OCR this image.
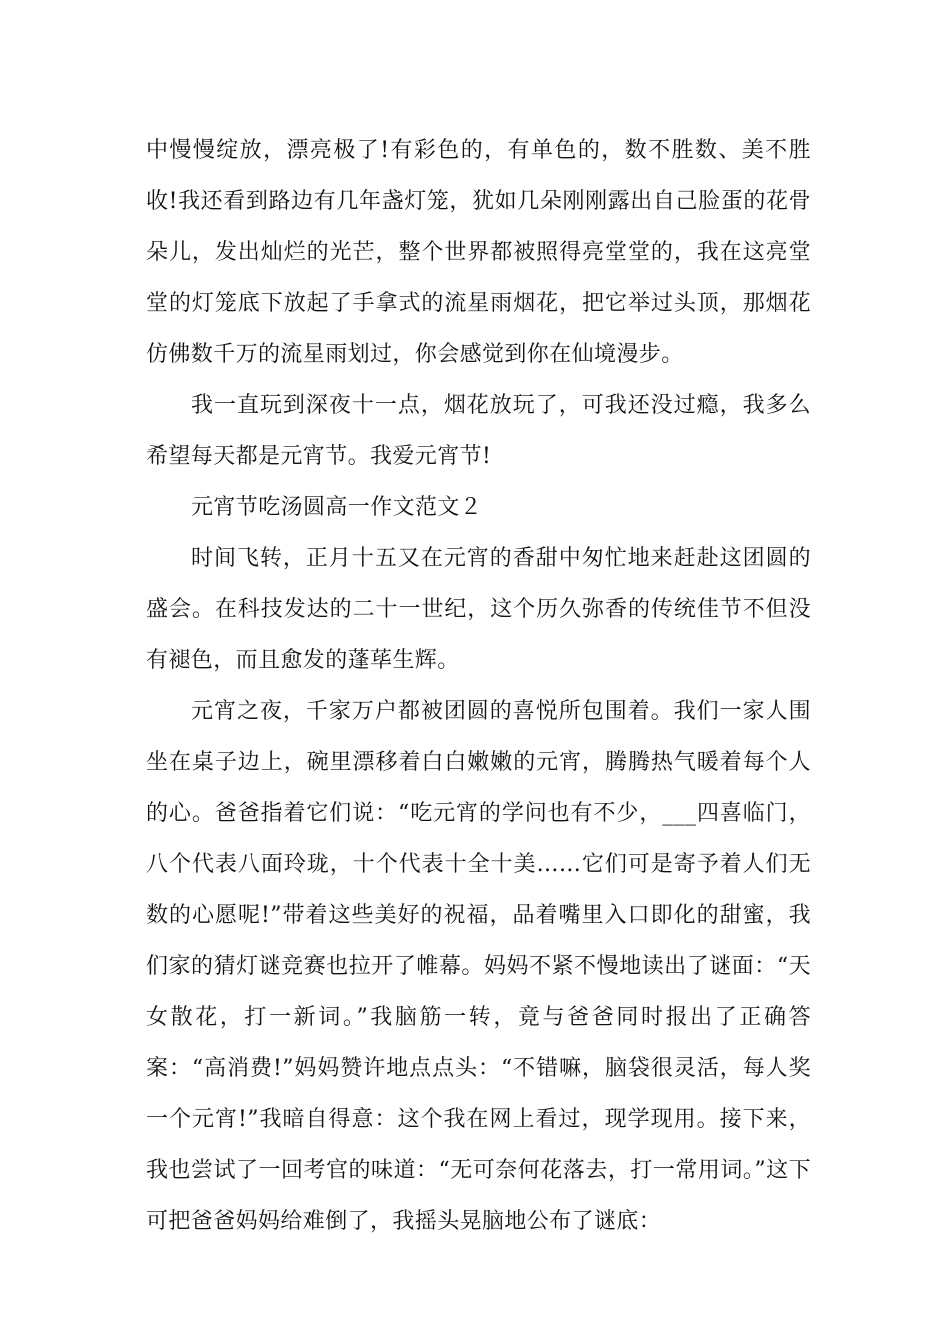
中慢慢绽放，漂亮极了!有彩色的，有单色的，数不胜数、美不胜收!我还看到路边有几年盏灯笼，犹如几朵刚刚露出自己脸蛋的花骨朵儿，发出灿烂的光芒，整个世界都被照得亮堂堂的，我在这亮堂堂的灯笼底下放起了手拿式的流星雨烟花，把它举过头顶，那烟花仿佛数千万的流星雨划过，你会感觉到你在仙境漫步。

我一直玩到深夜十一点，烟花放玩了，可我还没过瘾，我多么希望每天都是元宵节。我爱元宵节!

元宵节吃汤圆高一作文范文２

时间飞转，正月十五又在元宵的香甜中匆忙地来赶赴这团圆的盛会。在科技发达的二十一世纪，这个历久弥香的传统佳节不但没有褪色，而且愈发的蓬荜生辉。

元宵之夜，千家万户都被团圆的喜悦所包围着。我们一家人围坐在桌子边上，碗里漂移着白白嫩嫩的元宵，腾腾热气暖着每个人的心。爸爸指着它们说：“吃元宵的学问也有不少，___四喜临门，八个代表八面玲珑，十个代表十全十美……它们可是寄予着人们无数的心愿呢!”带着这些美好的祝福，品着嘴里入口即化的甜蜜，我们家的猜灯谜竞赛也拉开了帷幕。妈妈不紧不慢地读出了谜面：“天女散花，打一新词。”我脑筋一转，竟与爸爸同时报出了正确答案：“高消费!”妈妈赞许地点点头：“不错嘛，脑袋很灵活，每人奖一个元宵!”我暗自得意：这个我在网上看过，现学现用。接下来，我也尝试了一回考官的味道：“无可奈何花落去，打一常用词。”这下可把爸爸妈妈给难倒了，我摇头晃脑地公布了谜底：
